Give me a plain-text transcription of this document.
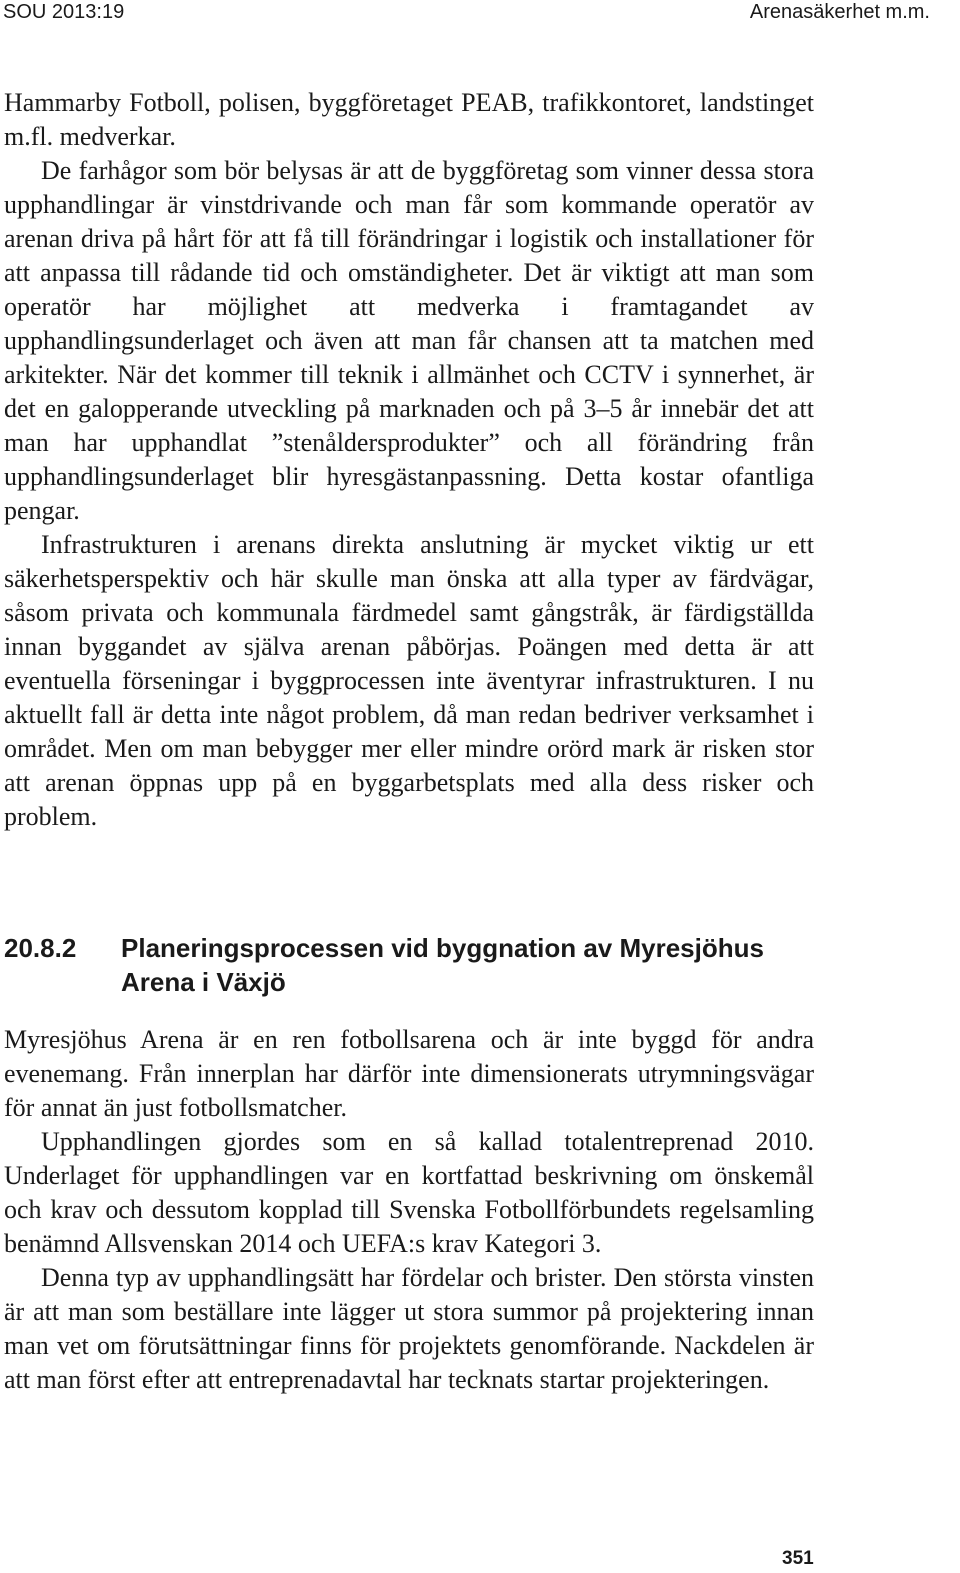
SOU 2013:19	Arenasäkerhet m.m.

Hammarby Fotboll, polisen, byggföretaget PEAB, trafikkontoret, landstinget m.fl. medverkar.

De farhågor som bör belysas är att de byggföretag som vinner dessa stora upphandlingar är vinstdrivande och man får som kommande operatör av arenan driva på hårt för att få till förändringar i logistik och installationer för att anpassa till rådande tid och omständigheter. Det är viktigt att man som operatör har möjlighet att medverka i framtagandet av upphandlingsunderlaget och även att man får chansen att ta matchen med arkitekter. När det kommer till teknik i allmänhet och CCTV i synnerhet, är det en galopperande utveckling på marknaden och på 3–5 år innebär det att man har upphandlat ”stenåldersprodukter” och all förändring från upphandlingsunderlaget blir hyresgästanpassning. Detta kostar ofantliga pengar.

Infrastrukturen i arenans direkta anslutning är mycket viktig ur ett säkerhetsperspektiv och här skulle man önska att alla typer av färdvägar, såsom privata och kommunala färdmedel samt gångstråk, är färdigställda innan byggandet av själva arenan påbörjas. Poängen med detta är att eventuella förseningar i byggprocessen inte äventyrar infrastrukturen. I nu aktuellt fall är detta inte något problem, då man redan bedriver verksamhet i området. Men om man bebygger mer eller mindre orörd mark är risken stor att arenan öppnas upp på en byggarbetsplats med alla dess risker och problem.

20.8.2 Planeringsprocessen vid byggnation av Myresjöhus Arena i Växjö

Myresjöhus Arena är en ren fotbollsarena och är inte byggd för andra evenemang. Från innerplan har därför inte dimensionerats utrymningsvägar för annat än just fotbollsmatcher.

Upphandlingen gjordes som en så kallad totalentreprenad 2010. Underlaget för upphandlingen var en kortfattad beskrivning om önskemål och krav och dessutom kopplad till Svenska Fotbollförbundets regelsamling benämnd Allsvenskan 2014 och UEFA:s krav Kategori 3.

Denna typ av upphandlingsätt har fördelar och brister. Den största vinsten är att man som beställare inte lägger ut stora summor på projektering innan man vet om förutsättningar finns för projektets genomförande. Nackdelen är att man först efter att entreprenadavtal har tecknats startar projekteringen.

351
